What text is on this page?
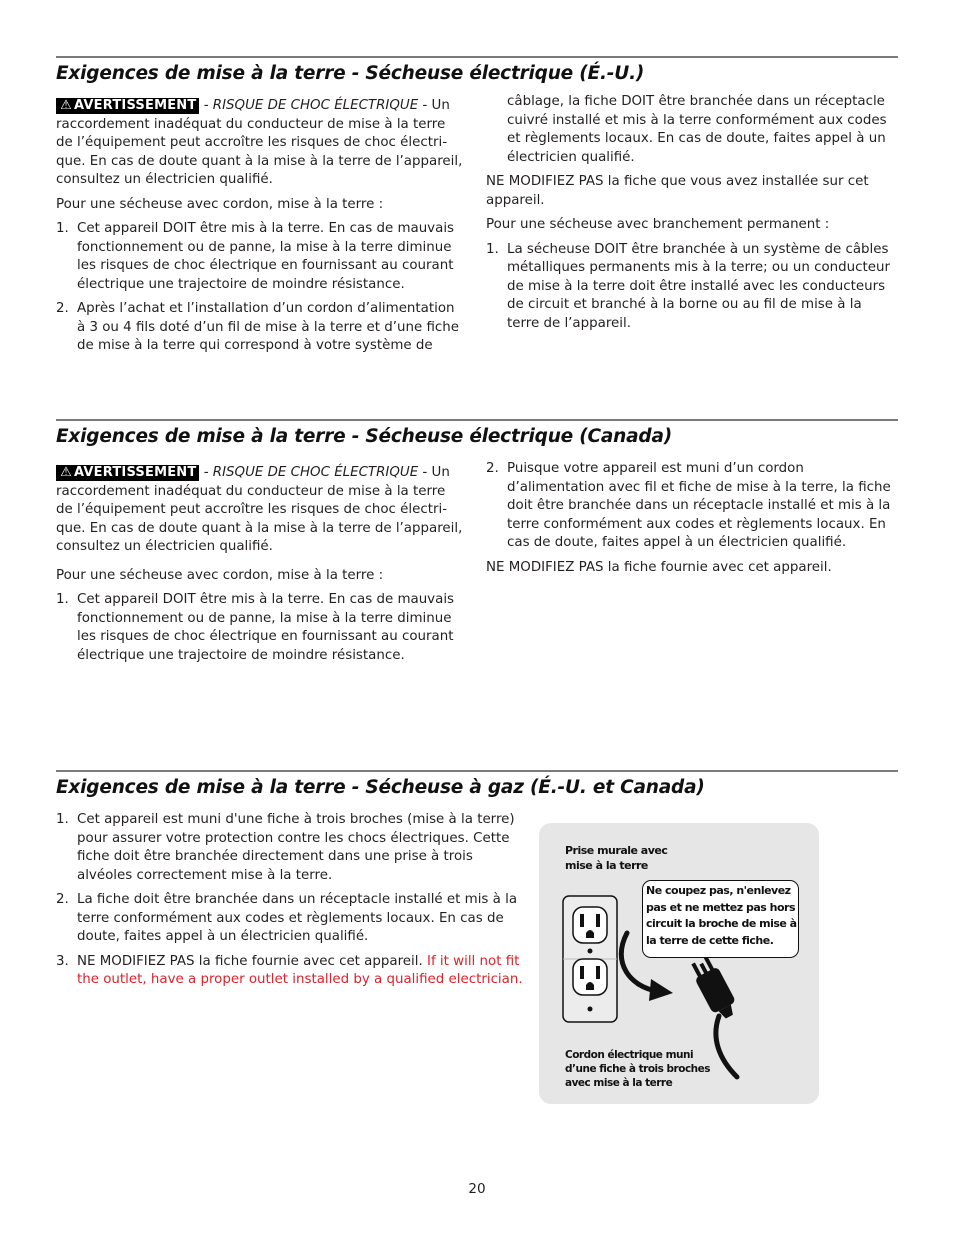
Exigences de mise à la terre - Sécheuse électrique (É.-U.)

⚠ AVERTISSEMENT - RISQUE DE CHOC ÉLECTRIQUE - Un raccordement inadéquat du conducteur de mise à la terre de l’équipement peut accroître les risques de choc électri-que. En cas de doute quant à la mise à la terre de l’appareil, consultez un électricien qualifié.

Pour une sécheuse avec cordon, mise à la terre :

1. Cet appareil DOIT être mis à la terre. En cas de mauvais fonctionnement ou de panne, la mise à la terre diminue les risques de choc électrique en fournissant au courant électrique une trajectoire de moindre résistance.
2. Après l’achat et l’installation d’un cordon d’alimentation à 3 ou 4 fils doté d’un fil de mise à la terre et d’une fiche de mise à la terre qui correspond à votre système de

câblage, la fiche DOIT être branchée dans un réceptacle cuivré installé et mis à la terre conformément aux codes et règlements locaux. En cas de doute, faites appel à un électricien qualifié.

NE MODIFIEZ PAS la fiche que vous avez installée sur cet appareil.

Pour une sécheuse avec branchement permanent :

1. La sécheuse DOIT être branchée à un système de câbles métalliques permanents mis à la terre; ou un conducteur de mise à la terre doit être installé avec les conducteurs de circuit et branché à la borne ou au fil de mise à la terre de l’appareil.
Exigences de mise à la terre - Sécheuse électrique (Canada)

⚠ AVERTISSEMENT - RISQUE DE CHOC ÉLECTRIQUE - Un raccordement inadéquat du conducteur de mise à la terre de l’équipement peut accroître les risques de choc électri-que. En cas de doute quant à la mise à la terre de l’appareil, consultez un électricien qualifié.

Pour une sécheuse avec cordon, mise à la terre :

1. Cet appareil DOIT être mis à la terre. En cas de mauvais fonctionnement ou de panne, la mise à la terre diminue les risques de choc électrique en fournissant au courant électrique une trajectoire de moindre résistance.
2. Puisque votre appareil est muni d’un cordon d’alimentation avec fil et fiche de mise à la terre, la fiche doit être branchée dans un réceptacle installé et mis à la terre conformément aux codes et règlements locaux. En cas de doute, faites appel à un électricien qualifié.

NE MODIFIEZ PAS la fiche fournie avec cet appareil.

Exigences de mise à la terre - Sécheuse à gaz (É.-U. et Canada)
1. Cet appareil est muni d'une fiche à trois broches (mise à la terre) pour assurer votre protection contre les chocs électriques. Cette fiche doit être branchée directement dans une prise à trois alvéoles correctement mise à la terre.
2. La fiche doit être branchée dans un réceptacle installé et mis à la terre conformément aux codes et règlements locaux. En cas de doute, faites appel à un électricien qualifié.
3. NE MODIFIEZ PAS la fiche fournie avec cet appareil. If it will not fit the outlet, have a proper outlet installed by a qualified electrician.
Prise murale avec mise à la terre
Ne coupez pas, n'enlevez pas et ne mettez pas hors circuit la broche de mise à la terre de cette fiche.
Cordon électrique muni d’une fiche à trois broches avec mise à la terre
20
